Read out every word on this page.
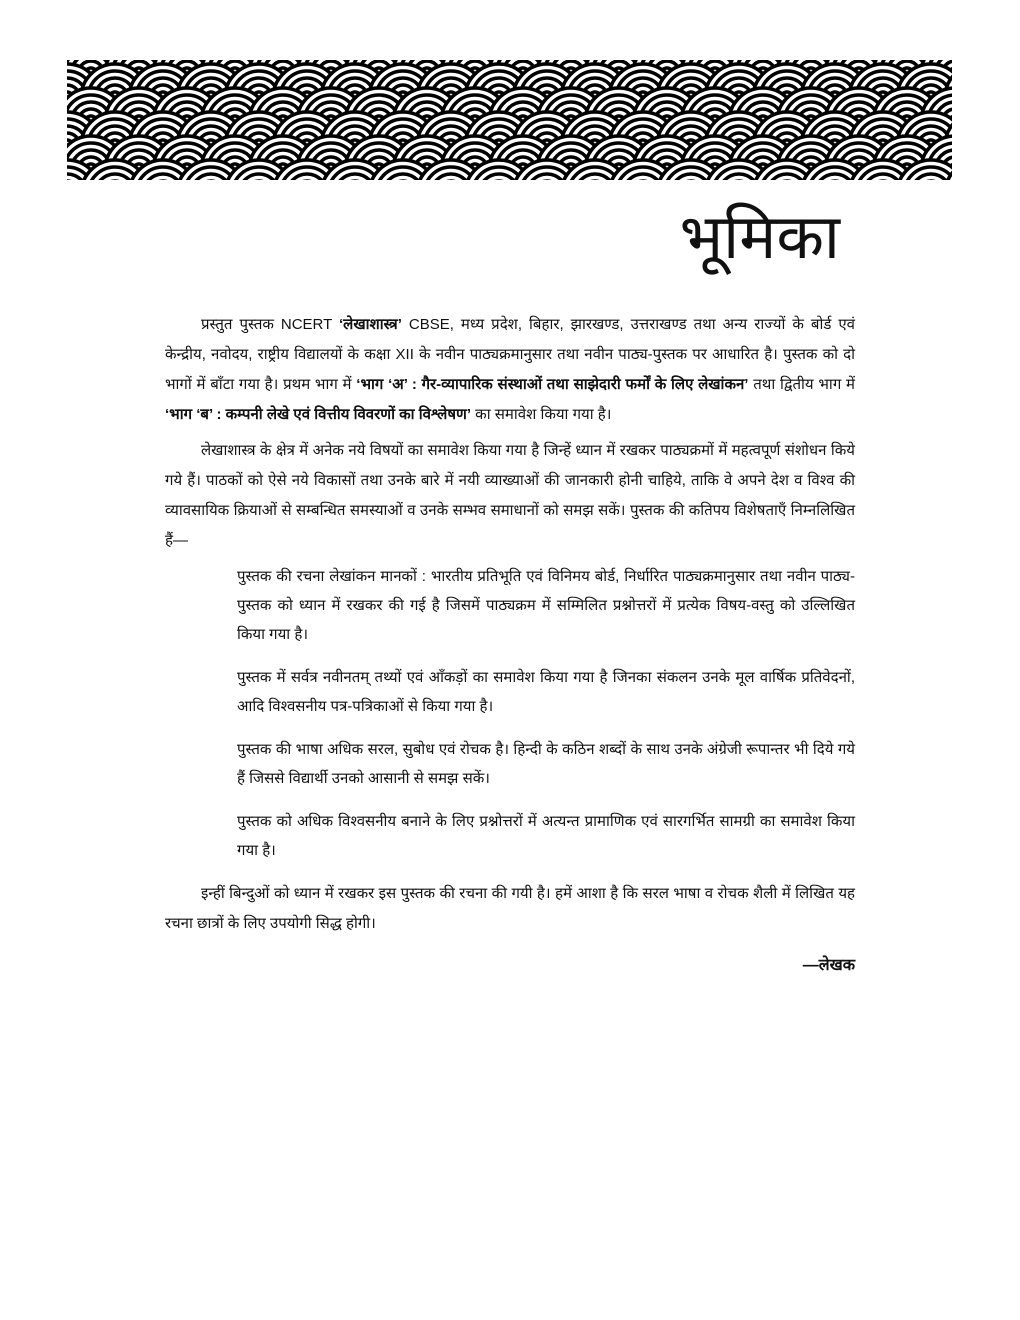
भूमिका

प्रस्तुत पुस्तक NCERT ‘लेखाशास्त्र’ CBSE, मध्य प्रदेश, बिहार, झारखण्ड, उत्तराखण्ड तथा अन्य राज्यों के बोर्ड एवं केन्द्रीय, नवोदय, राष्ट्रीय विद्यालयों के कक्षा XII के नवीन पाठ्यक्रमानुसार तथा नवीन पाठ्य-पुस्तक पर आधारित है। पुस्तक को दो भागों में बाँटा गया है। प्रथम भाग में ‘भाग ‘अ’ : गैर-व्यापारिक संस्थाओं तथा साझेदारी फर्मों के लिए लेखांकन’ तथा द्वितीय भाग में ‘भाग ‘ब’ : कम्पनी लेखे एवं वित्तीय विवरणों का विश्लेषण’ का समावेश किया गया है।

लेखाशास्त्र के क्षेत्र में अनेक नये विषयों का समावेश किया गया है जिन्हें ध्यान में रखकर पाठ्यक्रमों में महत्वपूर्ण संशोधन किये गये हैं। पाठकों को ऐसे नये विकासों तथा उनके बारे में नयी व्याख्याओं की जानकारी होनी चाहिये, ताकि वे अपने देश व विश्व की व्यावसायिक क्रियाओं से सम्बन्धित समस्याओं व उनके सम्भव समाधानों को समझ सकें। पुस्तक की कतिपय विशेषताएँ निम्नलिखित हैं—

पुस्तक की रचना लेखांकन मानकों : भारतीय प्रतिभूति एवं विनिमय बोर्ड, निर्धारित पाठ्यक्रमानुसार तथा नवीन पाठ्य-पुस्तक को ध्यान में रखकर की गई है जिसमें पाठ्यक्रम में सम्मिलित प्रश्नोत्तरों में प्रत्येक विषय-वस्तु को उल्लिखित किया गया है।

पुस्तक में सर्वत्र नवीनतम् तथ्यों एवं आँकड़ों का समावेश किया गया है जिनका संकलन उनके मूल वार्षिक प्रतिवेदनों, आदि विश्वसनीय पत्र-पत्रिकाओं से किया गया है।

पुस्तक की भाषा अधिक सरल, सुबोध एवं रोचक है। हिन्दी के कठिन शब्दों के साथ उनके अंग्रेजी रूपान्तर भी दिये गये हैं जिससे विद्यार्थी उनको आसानी से समझ सकें।

पुस्तक को अधिक विश्वसनीय बनाने के लिए प्रश्नोत्तरों में अत्यन्त प्रामाणिक एवं सारगर्भित सामग्री का समावेश किया गया है।

इन्हीं बिन्दुओं को ध्यान में रखकर इस पुस्तक की रचना की गयी है। हमें आशा है कि सरल भाषा व रोचक शैली में लिखित यह रचना छात्रों के लिए उपयोगी सिद्ध होगी।

—लेखक
